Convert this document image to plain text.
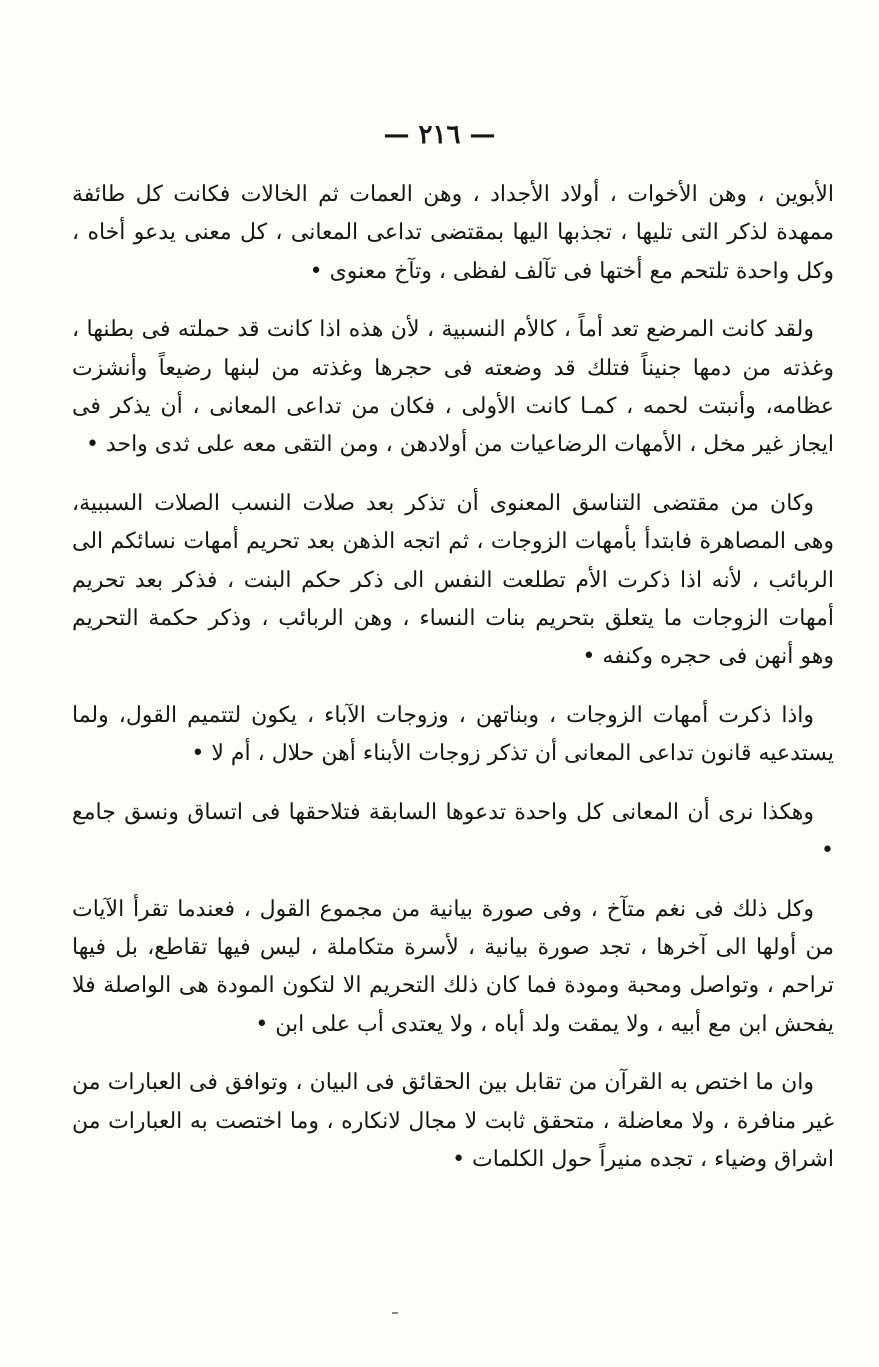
— ٢١٦ —

الأبوين ، وهن الأخوات ، أولاد الأجداد ، وهن العمات ثم الخالات فكانت كل طائفة ممهدة لذكر التى تليها ، تجذبها اليها بمقتضى تداعى المعانى ، كل معنى يدعو أخاه ، وكل واحدة تلتحم مع أختها فى تآلف لفظى ، وتآخ معنوى •

ولقد كانت المرضع تعد أماً ، كالأم النسبية ، لأن هذه اذا كانت قد حملته فى بطنها ، وغذته من دمها جنيناً فتلك قد وضعته فى حجرها وغذته من لبنها رضيعاً وأنشزت عظامه، وأنبتت لحمه ، كمـا كانت الأولى ، فكان من تداعى المعانى ، أن يذكر فى ايجاز غير مخل ، الأمهات الرضاعيات من أولادهن ، ومن التقى معه على ثدى واحد •

وكان من مقتضى التناسق المعنوى أن تذكر بعد صلات النسب الصلات السببية، وهى المصاهرة فابتدأ بأمهات الزوجات ، ثم اتجه الذهن بعد تحريم أمهات نسائكم الى الربائب ، لأنه اذا ذكرت الأم تطلعت النفس الى ذكر حكم البنت ، فذكر بعد تحريم أمهات الزوجات ما يتعلق بتحريم بنات النساء ، وهن الربائب ، وذكر حكمة التحريم وهو أنهن فى حجره وكنفه •

واذا ذكرت أمهات الزوجات ، وبناتهن ، وزوجات الآباء ، يكون لتتميم القول، ولما يستدعيه قانون تداعى المعانى أن تذكر زوجات الأبناء أهن حلال ، أم لا •

وهكذا نرى أن المعانى كل واحدة تدعوها السابقة فتلاحقها فى اتساق ونسق جامع •

وكل ذلك فى نغم متآخ ، وفى صورة بيانية من مجموع القول ، فعندما تقرأ الآيات من أولها الى آخرها ، تجد صورة بيانية ، لأسرة متكاملة ، ليس فيها تقاطع، بل فيها تراحم ، وتواصل ومحبة ومودة فما كان ذلك التحريم الا لتكون المودة هى الواصلة فلا يفحش ابن مع أبيه ، ولا يمقت ولد أباه ، ولا يعتدى أب على ابن •

وان ما اختص به القرآن من تقابل بين الحقائق فى البيان ، وتوافق فى العبارات من غير منافرة ، ولا معاضلة ، متحقق ثابت لا مجال لانكاره ، وما اختصت به العبارات من اشراق وضياء ، تجده منيراً حول الكلمات •
